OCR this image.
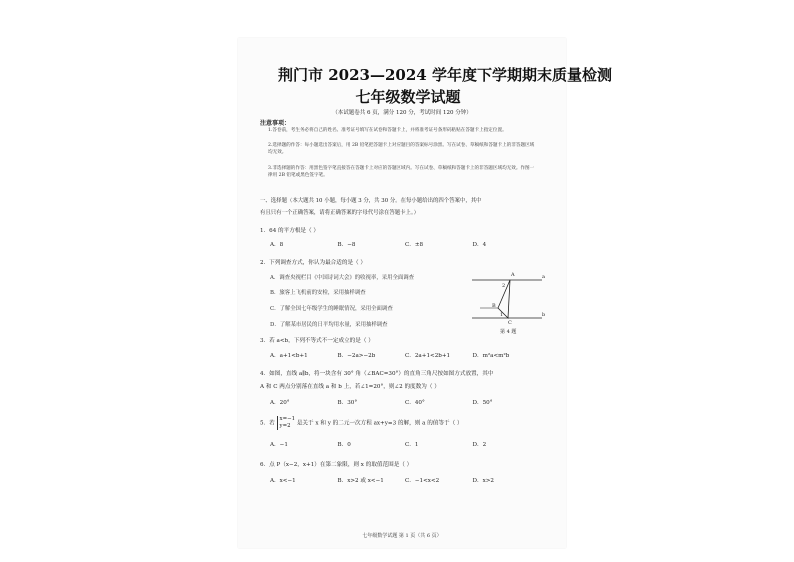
荆门市 2023—2024 学年度下学期期末质量检测
七年级数学试题
（本试题卷共 6 页，满分 120 分，考试时间 120 分钟）
注意事项：
1.答卷前，考生务必将自己的姓名、准考证号填写在试卷和答题卡上，并将准考证号条形码粘贴在答题卡上指定位置。
2.选择题的作答：每小题选出答案后，用 2B 铅笔把答题卡上对应题目的答案标号涂黑。写在试卷、草稿纸和答题卡上的非答题区域均无效。
3.非选择题的作答：用黑色签字笔直接答在答题卡上对应的答题区域内。写在试卷、草稿纸和答题卡上的非答题区域均无效。作图一律用 2B 铅笔或黑色签字笔。
一、选择题（本大题共 10 小题，每小题 3 分，共 30 分。在每小题给出的四个答案中，其中
有且只有一个正确答案，请将正确答案的字母代号涂在答题卡上。）
1．64 的平方根是（ ）
A．8	B．−8	C．±8	D．4
2．下列调查方式，你认为最合适的是（ ）
A．调查央视栏目《中国诗词大会》的收视率，采用全面调查
B．旅客上飞机前的安检，采用抽样调查
C．了解全国七年级学生的睡眠情况，采用全面调查
D．了解某市居民的日平均用水量，采用抽样调查
a
b
A
B
C
2
1
第 4 题
3．若 a<b，下列不等式不一定成立的是（ ）
A．a+1<b+1	B．−2a>−2b	C．2a+1<2b+1	D．m²a<m²b
4．如图，直线 a∥b，将一块含有 30° 角（∠BAC=30°）的直角三角尺按如图方式放置，其中
A 和 C 两点分别落在直线 a 和 b 上，若∠1=20°，则∠2 的度数为（ ）
A．20°	B．30°	C．40°	D．50°
5．若
x=−1
y=2	是关于 x 和 y 的二元一次方程 ax+y=3 的解，则 a 的值等于（ ）
A．−1	B．0	C．1	D．2
6．点 P（x−2，x+1）在第二象限，则 x 的取值范围是（ ）
A．x<−1	B．x>2 或 x<−1	C．−1<x<2	D．x>2
七年级数学试题 第 1 页（共 6 页）
